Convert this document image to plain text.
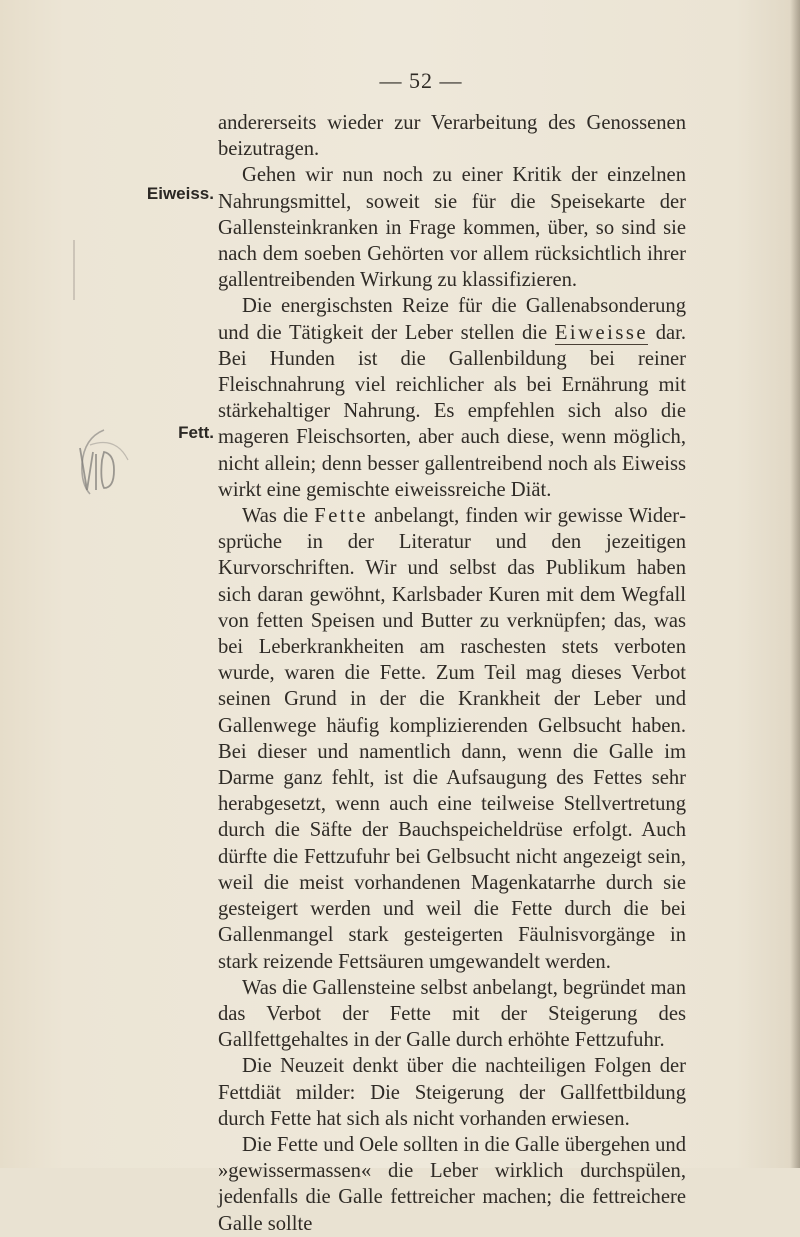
— 52 —
Eiweiss.
Fett.

andererseits wieder zur Verarbeitung des Genossenen beizutragen.

Gehen wir nun noch zu einer Kritik der einzelnen Nahrungsmittel, soweit sie für die Speisekarte der Gallensteinkranken in Frage kommen, über, so sind sie nach dem soeben Gehörten vor allem rücksichtlich ihrer gallentreibenden Wirkung zu klassifizieren.

Die energischsten Reize für die Gallenabsonderung und die Tätigkeit der Leber stellen die Eiweisse dar. Bei Hunden ist die Gallenbildung bei reiner Fleischnahrung viel reichlicher als bei Ernährung mit stärkehaltiger Nahrung. Es empfehlen sich also die mageren Fleischsorten, aber auch diese, wenn möglich, nicht allein; denn besser gallentreibend noch als Eiweiss wirkt eine gemischte eiweissreiche Diät.

Was die Fette anbelangt, finden wir gewisse Widersprüche in der Literatur und den jezeitigen Kurvorschriften. Wir und selbst das Publikum haben sich daran gewöhnt, Karlsbader Kuren mit dem Wegfall von fetten Speisen und Butter zu verknüpfen; das, was bei Leberkrankheiten am raschesten stets verboten wurde, waren die Fette. Zum Teil mag dieses Verbot seinen Grund in der die Krankheit der Leber und Gallenwege häufig komplizierenden Gelbsucht haben. Bei dieser und namentlich dann, wenn die Galle im Darme ganz fehlt, ist die Aufsaugung des Fettes sehr herabgesetzt, wenn auch eine teilweise Stellvertretung durch die Säfte der Bauchspeicheldrüse erfolgt. Auch dürfte die Fettzufuhr bei Gelbsucht nicht angezeigt sein, weil die meist vorhandenen Magenkatarrhe durch sie gesteigert werden und weil die Fette durch die bei Gallenmangel stark gesteigerten Fäulnisvorgänge in stark reizende Fettsäuren umgewandelt werden.

Was die Gallensteine selbst anbelangt, begründet man das Verbot der Fette mit der Steigerung des Gallfettgehaltes in der Galle durch erhöhte Fettzufuhr.

Die Neuzeit denkt über die nachteiligen Folgen der Fettdiät milder: Die Steigerung der Gallfettbildung durch Fette hat sich als nicht vorhanden erwiesen.

Die Fette und Oele sollten in die Galle übergehen und »gewissermassen« die Leber wirklich durchspülen, jedenfalls die Galle fettreicher machen; die fettreichere Galle sollte
